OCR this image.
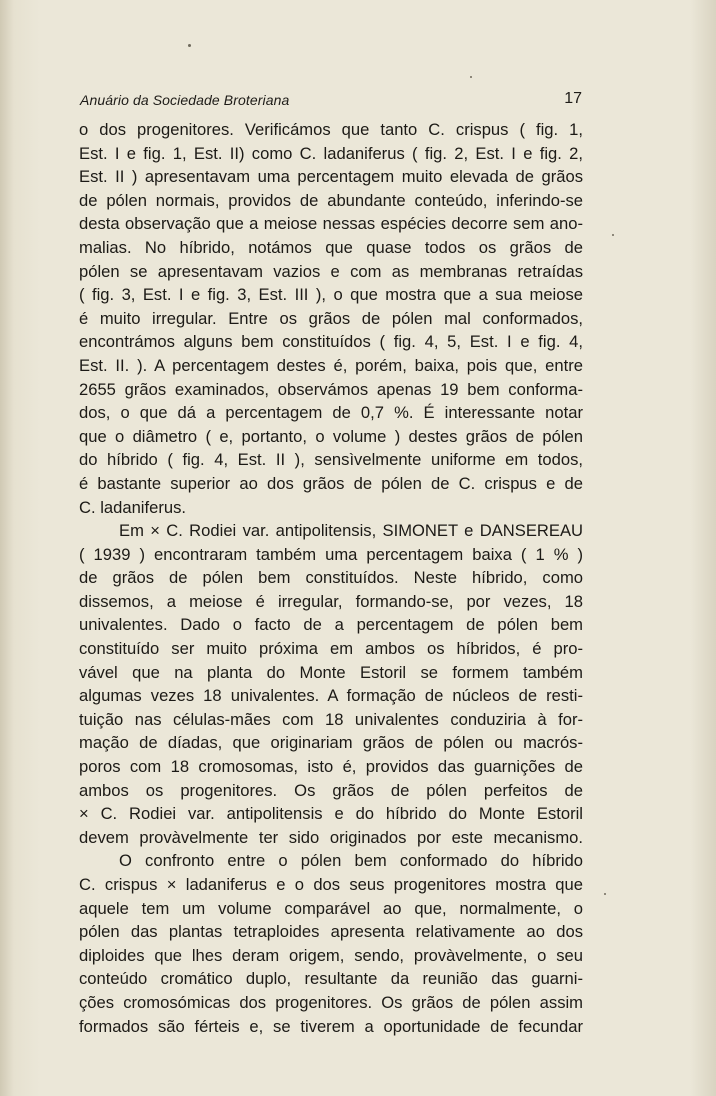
Anuário da Sociedade Broteriana	17
o dos progenitores. Verificámos que tanto C. crispus ( fig. 1,
Est. I e fig. 1, Est. II) como C. ladaniferus ( fig. 2, Est. I e fig. 2,
Est. II ) apresentavam uma percentagem muito elevada de grãos
de pólen normais, providos de abundante conteúdo, inferindo-se
desta observação que a meiose nessas espécies decorre sem ano-
malias. No híbrido, notámos que quase todos os grãos de
pólen se apresentavam vazios e com as membranas retraídas
( fig. 3, Est. I e fig. 3, Est. III ), o que mostra que a sua meiose
é muito irregular. Entre os grãos de pólen mal conformados,
encontrámos alguns bem constituídos ( fig. 4, 5, Est. I e fig. 4,
Est. II. ). A percentagem destes é, porém, baixa, pois que, entre
2655 grãos examinados, observámos apenas 19 bem conforma-
dos, o que dá a percentagem de 0,7 %. É interessante notar
que o diâmetro ( e, portanto, o volume ) destes grãos de pólen
do híbrido ( fig. 4, Est. II ), sensìvelmente uniforme em todos,
é bastante superior ao dos grãos de pólen de C. crispus e de
C. ladaniferus.
Em × C. Rodiei var. antipolitensis, SIMONET e DANSEREAU
( 1939 ) encontraram também uma percentagem baixa ( 1 % )
de grãos de pólen bem constituídos. Neste híbrido, como
dissemos, a meiose é irregular, formando-se, por vezes, 18
univalentes. Dado o facto de a percentagem de pólen bem
constituído ser muito próxima em ambos os híbridos, é pro-
vável que na planta do Monte Estoril se formem também
algumas vezes 18 univalentes. A formação de núcleos de resti-
tuição nas células-mães com 18 univalentes conduziria à for-
mação de díadas, que originariam grãos de pólen ou macrós-
poros com 18 cromosomas, isto é, providos das guarnições de
ambos os progenitores. Os grãos de pólen perfeitos de
× C. Rodiei var. antipolitensis e do híbrido do Monte Estoril
devem provàvelmente ter sido originados por este mecanismo.
O confronto entre o pólen bem conformado do híbrido
C. crispus × ladaniferus e o dos seus progenitores mostra que
aquele tem um volume comparável ao que, normalmente, o
pólen das plantas tetraploides apresenta relativamente ao dos
diploides que lhes deram origem, sendo, provàvelmente, o seu
conteúdo cromático duplo, resultante da reunião das guarni-
ções cromosómicas dos progenitores. Os grãos de pólen assim
formados são férteis e, se tiverem a oportunidade de fecundar
